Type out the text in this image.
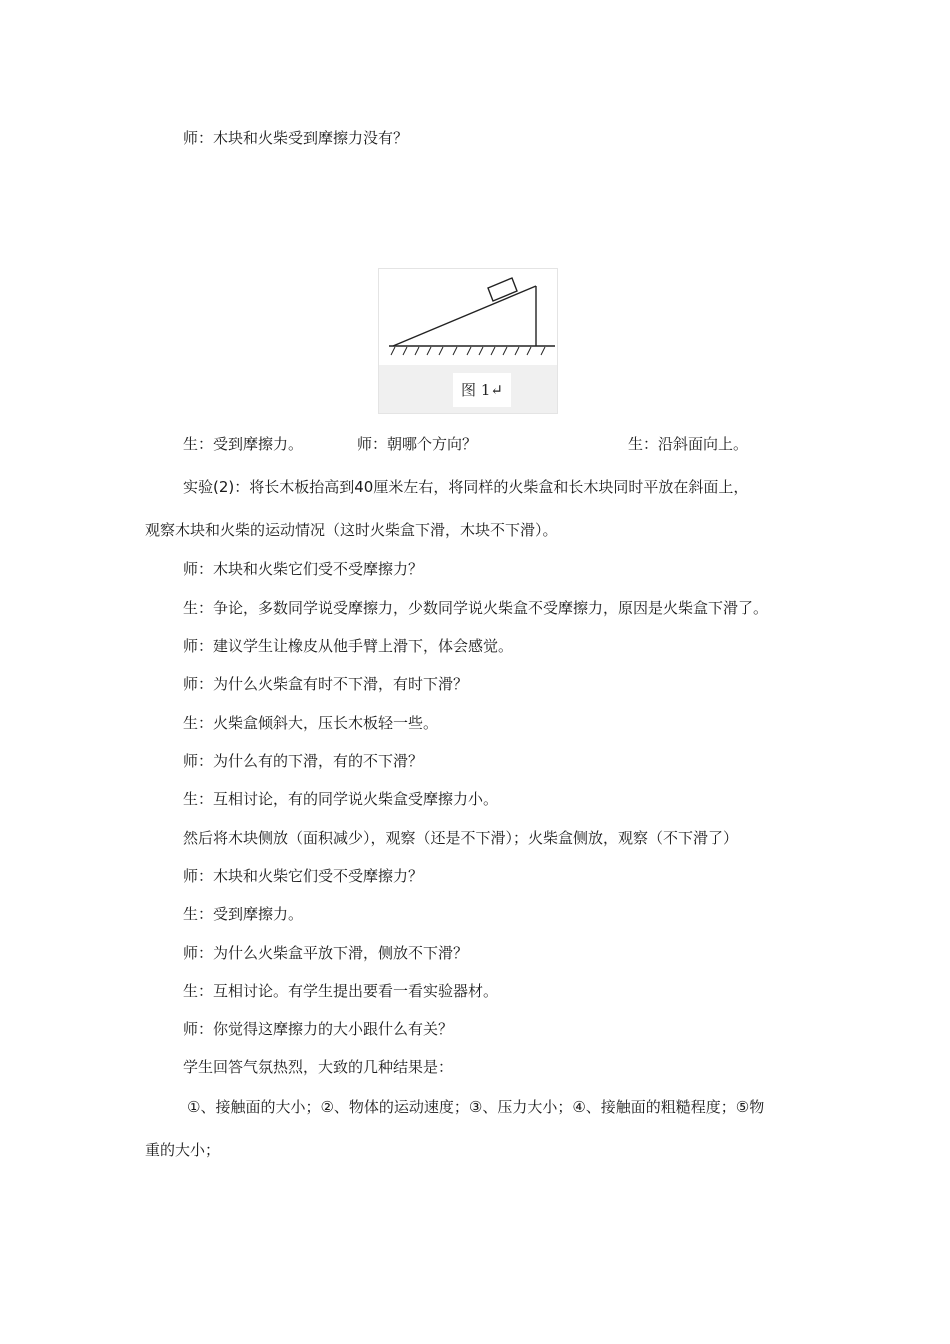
师：木块和火柴受到摩擦力没有？
图 1↵
生：受到摩擦力。	师：朝哪个方向？	生：沿斜面向上。
实验(2)：将长木板抬高到40厘米左右，将同样的火柴盒和长木块同时平放在斜面上，
观察木块和火柴的运动情况（这时火柴盒下滑，木块不下滑）。
师：木块和火柴它们受不受摩擦力？
生：争论，多数同学说受摩擦力，少数同学说火柴盒不受摩擦力，原因是火柴盒下滑了。
师：建议学生让橡皮从他手臂上滑下，体会感觉。
师：为什么火柴盒有时不下滑，有时下滑？
生：火柴盒倾斜大，压长木板轻一些。
师：为什么有的下滑，有的不下滑？
生：互相讨论，有的同学说火柴盒受摩擦力小。
然后将木块侧放（面积减少），观察（还是不下滑）；火柴盒侧放，观察（不下滑了）
师：木块和火柴它们受不受摩擦力？
生：受到摩擦力。
师：为什么火柴盒平放下滑，侧放不下滑？
生：互相讨论。有学生提出要看一看实验器材。
师：你觉得这摩擦力的大小跟什么有关？
学生回答气氛热烈，大致的几种结果是：
①、接触面的大小；②、物体的运动速度；③、压力大小；④、接触面的粗糙程度；⑤物
重的大小；
